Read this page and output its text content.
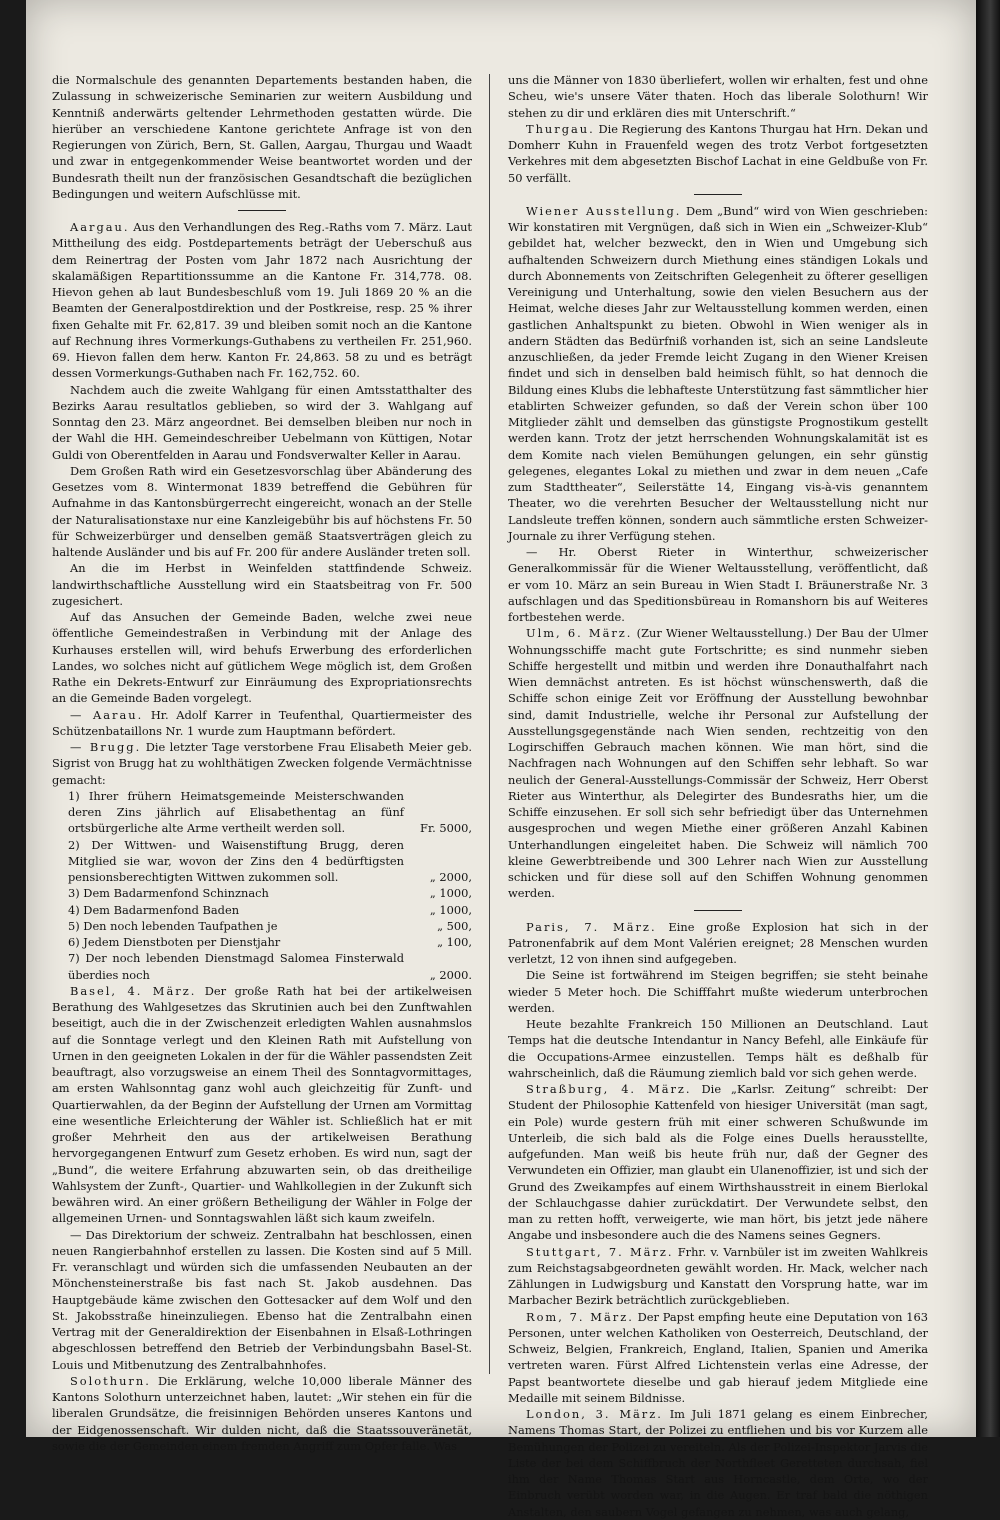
die Normalschule des genannten Departements bestanden haben, die Zulassung in schweizerische Seminarien zur weitern Ausbildung und Kenntniß anderwärts geltender Lehrmethoden gestatten würde. Die hierüber an verschiedene Kantone gerichtete Anfrage ist von den Regierungen von Zürich, Bern, St. Gallen, Aargau, Thurgau und Waadt und zwar in entgegenkommender Weise beantwortet worden und der Bundesrath theilt nun der französischen Gesandtschaft die bezüglichen Bedingungen und weitern Aufschlüsse mit.

Aargau. Aus den Verhandlungen des Reg.-Raths vom 7. März. Laut Mittheilung des eidg. Postdepartements beträgt der Ueberschuß aus dem Reinertrag der Posten vom Jahr 1872 nach Ausrichtung der skalamäßigen Repartitionssumme an die Kantone Fr. 314,778. 08. Hievon gehen ab laut Bundesbeschluß vom 19. Juli 1869 20 % an die Beamten der Generalpostdirektion und der Postkreise, resp. 25 % ihrer fixen Gehalte mit Fr. 62,817. 39 und bleiben somit noch an die Kantone auf Rechnung ihres Vormerkungs-Guthabens zu vertheilen Fr. 251,960. 69. Hievon fallen dem herw. Kanton Fr. 24,863. 58 zu und es beträgt dessen Vormerkungs-Guthaben nach Fr. 162,752. 60.

Nachdem auch die zweite Wahlgang für einen Amtsstatthalter des Bezirks Aarau resultatlos geblieben, so wird der 3. Wahlgang auf Sonntag den 23. März angeordnet. Bei demselben bleiben nur noch in der Wahl die HH. Gemeindeschreiber Uebelmann von Küttigen, Notar Guldi von Oberentfelden in Aarau und Fondsverwalter Keller in Aarau.

Dem Großen Rath wird ein Gesetzesvorschlag über Abänderung des Gesetzes vom 8. Wintermonat 1839 betreffend die Gebühren für Aufnahme in das Kantonsbürgerrecht eingereicht, wonach an der Stelle der Naturalisationstaxe nur eine Kanzleigebühr bis auf höchstens Fr. 50 für Schweizerbürger und denselben gemäß Staatsverträgen gleich zu haltende Ausländer und bis auf Fr. 200 für andere Ausländer treten soll.

An die im Herbst in Weinfelden stattfindende Schweiz. landwirthschaftliche Ausstellung wird ein Staatsbeitrag von Fr. 500 zugesichert.

Auf das Ansuchen der Gemeinde Baden, welche zwei neue öffentliche Gemeindestraßen in Verbindung mit der Anlage des Kurhauses erstellen will, wird behufs Erwerbung des erforderlichen Landes, wo solches nicht auf gütlichem Wege möglich ist, dem Großen Rathe ein Dekrets-Entwurf zur Einräumung des Expropriationsrechts an die Gemeinde Baden vorgelegt.

— Aarau. Hr. Adolf Karrer in Teufenthal, Quartiermeister des Schützenbataillons Nr. 1 wurde zum Hauptmann befördert.

— Brugg. Die letzter Tage verstorbene Frau Elisabeth Meier geb. Sigrist von Brugg hat zu wohlthätigen Zwecken folgende Vermächtnisse gemacht:

1) Ihrer frühern Heimatsgemeinde Meisterschwanden deren Zins jährlich auf Elisabethentag an fünf ortsbürgerliche alte Arme vertheilt werden soll.	Fr. 5000,
2) Der Wittwen- und Waisenstiftung Brugg, deren Mitglied sie war, wovon der Zins den 4 bedürftigsten pensionsberechtigten Wittwen zukommen soll.	„ 2000,
3) Dem Badarmenfond Schinznach	„ 1000,
4) Dem Badarmenfond Baden	„ 1000,
5) Den noch lebenden Taufpathen je	„ 500,
6) Jedem Dienstboten per Dienstjahr	„ 100,
7) Der noch lebenden Dienstmagd Salomea Finsterwald überdies noch	„ 2000.

Basel, 4. März. Der große Rath hat bei der artikelweisen Berathung des Wahlgesetzes das Skrutinien auch bei den Zunftwahlen beseitigt, auch die in der Zwischenzeit erledigten Wahlen ausnahmslos auf die Sonntage verlegt und den Kleinen Rath mit Aufstellung von Urnen in den geeigneten Lokalen in der für die Wähler passendsten Zeit beauftragt, also vorzugsweise an einem Theil des Sonntagvormittages, am ersten Wahlsonntag ganz wohl auch gleichzeitig für Zunft- und Quartierwahlen, da der Beginn der Aufstellung der Urnen am Vormittag eine wesentliche Erleichterung der Wähler ist. Schließlich hat er mit großer Mehrheit den aus der artikelweisen Berathung hervorgegangenen Entwurf zum Gesetz erhoben. Es wird nun, sagt der „Bund“, die weitere Erfahrung abzuwarten sein, ob das dreitheilige Wahlsystem der Zunft-, Quartier- und Wahlkollegien in der Zukunft sich bewähren wird. An einer größern Betheiligung der Wähler in Folge der allgemeinen Urnen- und Sonntagswahlen läßt sich kaum zweifeln.

— Das Direktorium der schweiz. Zentralbahn hat beschlossen, einen neuen Rangierbahnhof erstellen zu lassen. Die Kosten sind auf 5 Mill. Fr. veranschlagt und würden sich die umfassenden Neubauten an der Mönchensteinerstraße bis fast nach St. Jakob ausdehnen. Das Hauptgebäude käme zwischen den Gottesacker auf dem Wolf und den St. Jakobsstraße hineinzuliegen. Ebenso hat die Zentralbahn einen Vertrag mit der Generaldirektion der Eisenbahnen in Elsaß-Lothringen abgeschlossen betreffend den Betrieb der Verbindungsbahn Basel-St. Louis und Mitbenutzung des Zentralbahnhofes.

Solothurn. Die Erklärung, welche 10,000 liberale Männer des Kantons Solothurn unterzeichnet haben, lautet: „Wir stehen ein für die liberalen Grundsätze, die freisinnigen Behörden unseres Kantons und der Eidgenossenschaft. Wir dulden nicht, daß die Staatssouveränetät, sowie die der Gemeinden einem fremden Angriff zum Opfer falle. Was

uns die Männer von 1830 überliefert, wollen wir erhalten, fest und ohne Scheu, wie's unsere Väter thaten. Hoch das liberale Solothurn! Wir stehen zu dir und erklären dies mit Unterschrift.“

Thurgau. Die Regierung des Kantons Thurgau hat Hrn. Dekan und Domherr Kuhn in Frauenfeld wegen des trotz Verbot fortgesetzten Verkehres mit dem abgesetzten Bischof Lachat in eine Geldbuße von Fr. 50 verfällt.

Wiener Ausstellung. Dem „Bund“ wird von Wien geschrieben: Wir konstatiren mit Vergnügen, daß sich in Wien ein „Schweizer-Klub“ gebildet hat, welcher bezweckt, den in Wien und Umgebung sich aufhaltenden Schweizern durch Miethung eines ständigen Lokals und durch Abonnements von Zeitschriften Gelegenheit zu öfterer geselligen Vereinigung und Unterhaltung, sowie den vielen Besuchern aus der Heimat, welche dieses Jahr zur Weltausstellung kommen werden, einen gastlichen Anhaltspunkt zu bieten. Obwohl in Wien weniger als in andern Städten das Bedürfniß vorhanden ist, sich an seine Landsleute anzuschließen, da jeder Fremde leicht Zugang in den Wiener Kreisen findet und sich in denselben bald heimisch fühlt, so hat dennoch die Bildung eines Klubs die lebhafteste Unterstützung fast sämmtlicher hier etablirten Schweizer gefunden, so daß der Verein schon über 100 Mitglieder zählt und demselben das günstigste Prognostikum gestellt werden kann. Trotz der jetzt herrschenden Wohnungskalamität ist es dem Komite nach vielen Bemühungen gelungen, ein sehr günstig gelegenes, elegantes Lokal zu miethen und zwar in dem neuen „Cafe zum Stadttheater“, Seilerstätte 14, Eingang vis-à-vis genanntem Theater, wo die verehrten Besucher der Weltausstellung nicht nur Landsleute treffen können, sondern auch sämmtliche ersten Schweizer-Journale zu ihrer Verfügung stehen.

— Hr. Oberst Rieter in Winterthur, schweizerischer Generalkommissär für die Wiener Weltausstellung, veröffentlicht, daß er vom 10. März an sein Bureau in Wien Stadt I. Bräunerstraße Nr. 3 aufschlagen und das Speditionsbüreau in Romanshorn bis auf Weiteres fortbestehen werde.

Ulm, 6. März. (Zur Wiener Weltausstellung.) Der Bau der Ulmer Wohnungsschiffe macht gute Fortschritte; es sind nunmehr sieben Schiffe hergestellt und mitbin und werden ihre Donauthalfahrt nach Wien demnächst antreten. Es ist höchst wünschenswerth, daß die Schiffe schon einige Zeit vor Eröffnung der Ausstellung bewohnbar sind, damit Industrielle, welche ihr Personal zur Aufstellung der Ausstellungsgegenstände nach Wien senden, rechtzeitig von den Logirschiffen Gebrauch machen können. Wie man hört, sind die Nachfragen nach Wohnungen auf den Schiffen sehr lebhaft. So war neulich der General-Ausstellungs-Commissär der Schweiz, Herr Oberst Rieter aus Winterthur, als Delegirter des Bundesraths hier, um die Schiffe einzusehen. Er soll sich sehr befriedigt über das Unternehmen ausgesprochen und wegen Miethe einer größeren Anzahl Kabinen Unterhandlungen eingeleitet haben. Die Schweiz will nämlich 700 kleine Gewerbtreibende und 300 Lehrer nach Wien zur Ausstellung schicken und für diese soll auf den Schiffen Wohnung genommen werden.

Paris, 7. März. Eine große Explosion hat sich in der Patronenfabrik auf dem Mont Valérien ereignet; 28 Menschen wurden verletzt, 12 von ihnen sind aufgegeben.

Die Seine ist fortwährend im Steigen begriffen; sie steht beinahe wieder 5 Meter hoch. Die Schifffahrt mußte wiederum unterbrochen werden.

Heute bezahlte Frankreich 150 Millionen an Deutschland. Laut Temps hat die deutsche Intendantur in Nancy Befehl, alle Einkäufe für die Occupations-Armee einzustellen. Temps hält es deßhalb für wahrscheinlich, daß die Räumung ziemlich bald vor sich gehen werde.

Straßburg, 4. März. Die „Karlsr. Zeitung“ schreibt: Der Student der Philosophie Kattenfeld von hiesiger Universität (man sagt, ein Pole) wurde gestern früh mit einer schweren Schußwunde im Unterleib, die sich bald als die Folge eines Duells herausstellte, aufgefunden. Man weiß bis heute früh nur, daß der Gegner des Verwundeten ein Offizier, man glaubt ein Ulanenoffizier, ist und sich der Grund des Zweikampfes auf einem Wirthshausstreit in einem Bierlokal der Schlauchgasse dahier zurückdatirt. Der Verwundete selbst, den man zu retten hofft, verweigerte, wie man hört, bis jetzt jede nähere Angabe und insbesondere auch die des Namens seines Gegners.

Stuttgart, 7. März. Frhr. v. Varnbüler ist im zweiten Wahlkreis zum Reichstagsabgeordneten gewählt worden. Hr. Mack, welcher nach Zählungen in Ludwigsburg und Kanstatt den Vorsprung hatte, war im Marbacher Bezirk beträchtlich zurückgeblieben.

Rom, 7. März. Der Papst empfing heute eine Deputation von 163 Personen, unter welchen Katholiken von Oesterreich, Deutschland, der Schweiz, Belgien, Frankreich, England, Italien, Spanien und Amerika vertreten waren. Fürst Alfred Lichtenstein verlas eine Adresse, der Papst beantwortete dieselbe und gab hierauf jedem Mitgliede eine Medaille mit seinem Bildnisse.

London, 3. März. Im Juli 1871 gelang es einem Einbrecher, Namens Thomas Start, der Polizei zu entfliehen und bis vor Kurzem alle Bemühungen der Polizei zu vereiteln. Als der Polizei-Inspektor Jarvis die Liste der bei dem Schiffbruch der Northfleet Geretteten durchsah, fiel ihm der Name Thomas Start aus Horncastle, dem Orte, wo der Einbruch verübt worden war, in die Augen. Er traf bald die nöthigen Anstalten, den saubern Vogel gefangen zu nehmen, was auch gelang,
